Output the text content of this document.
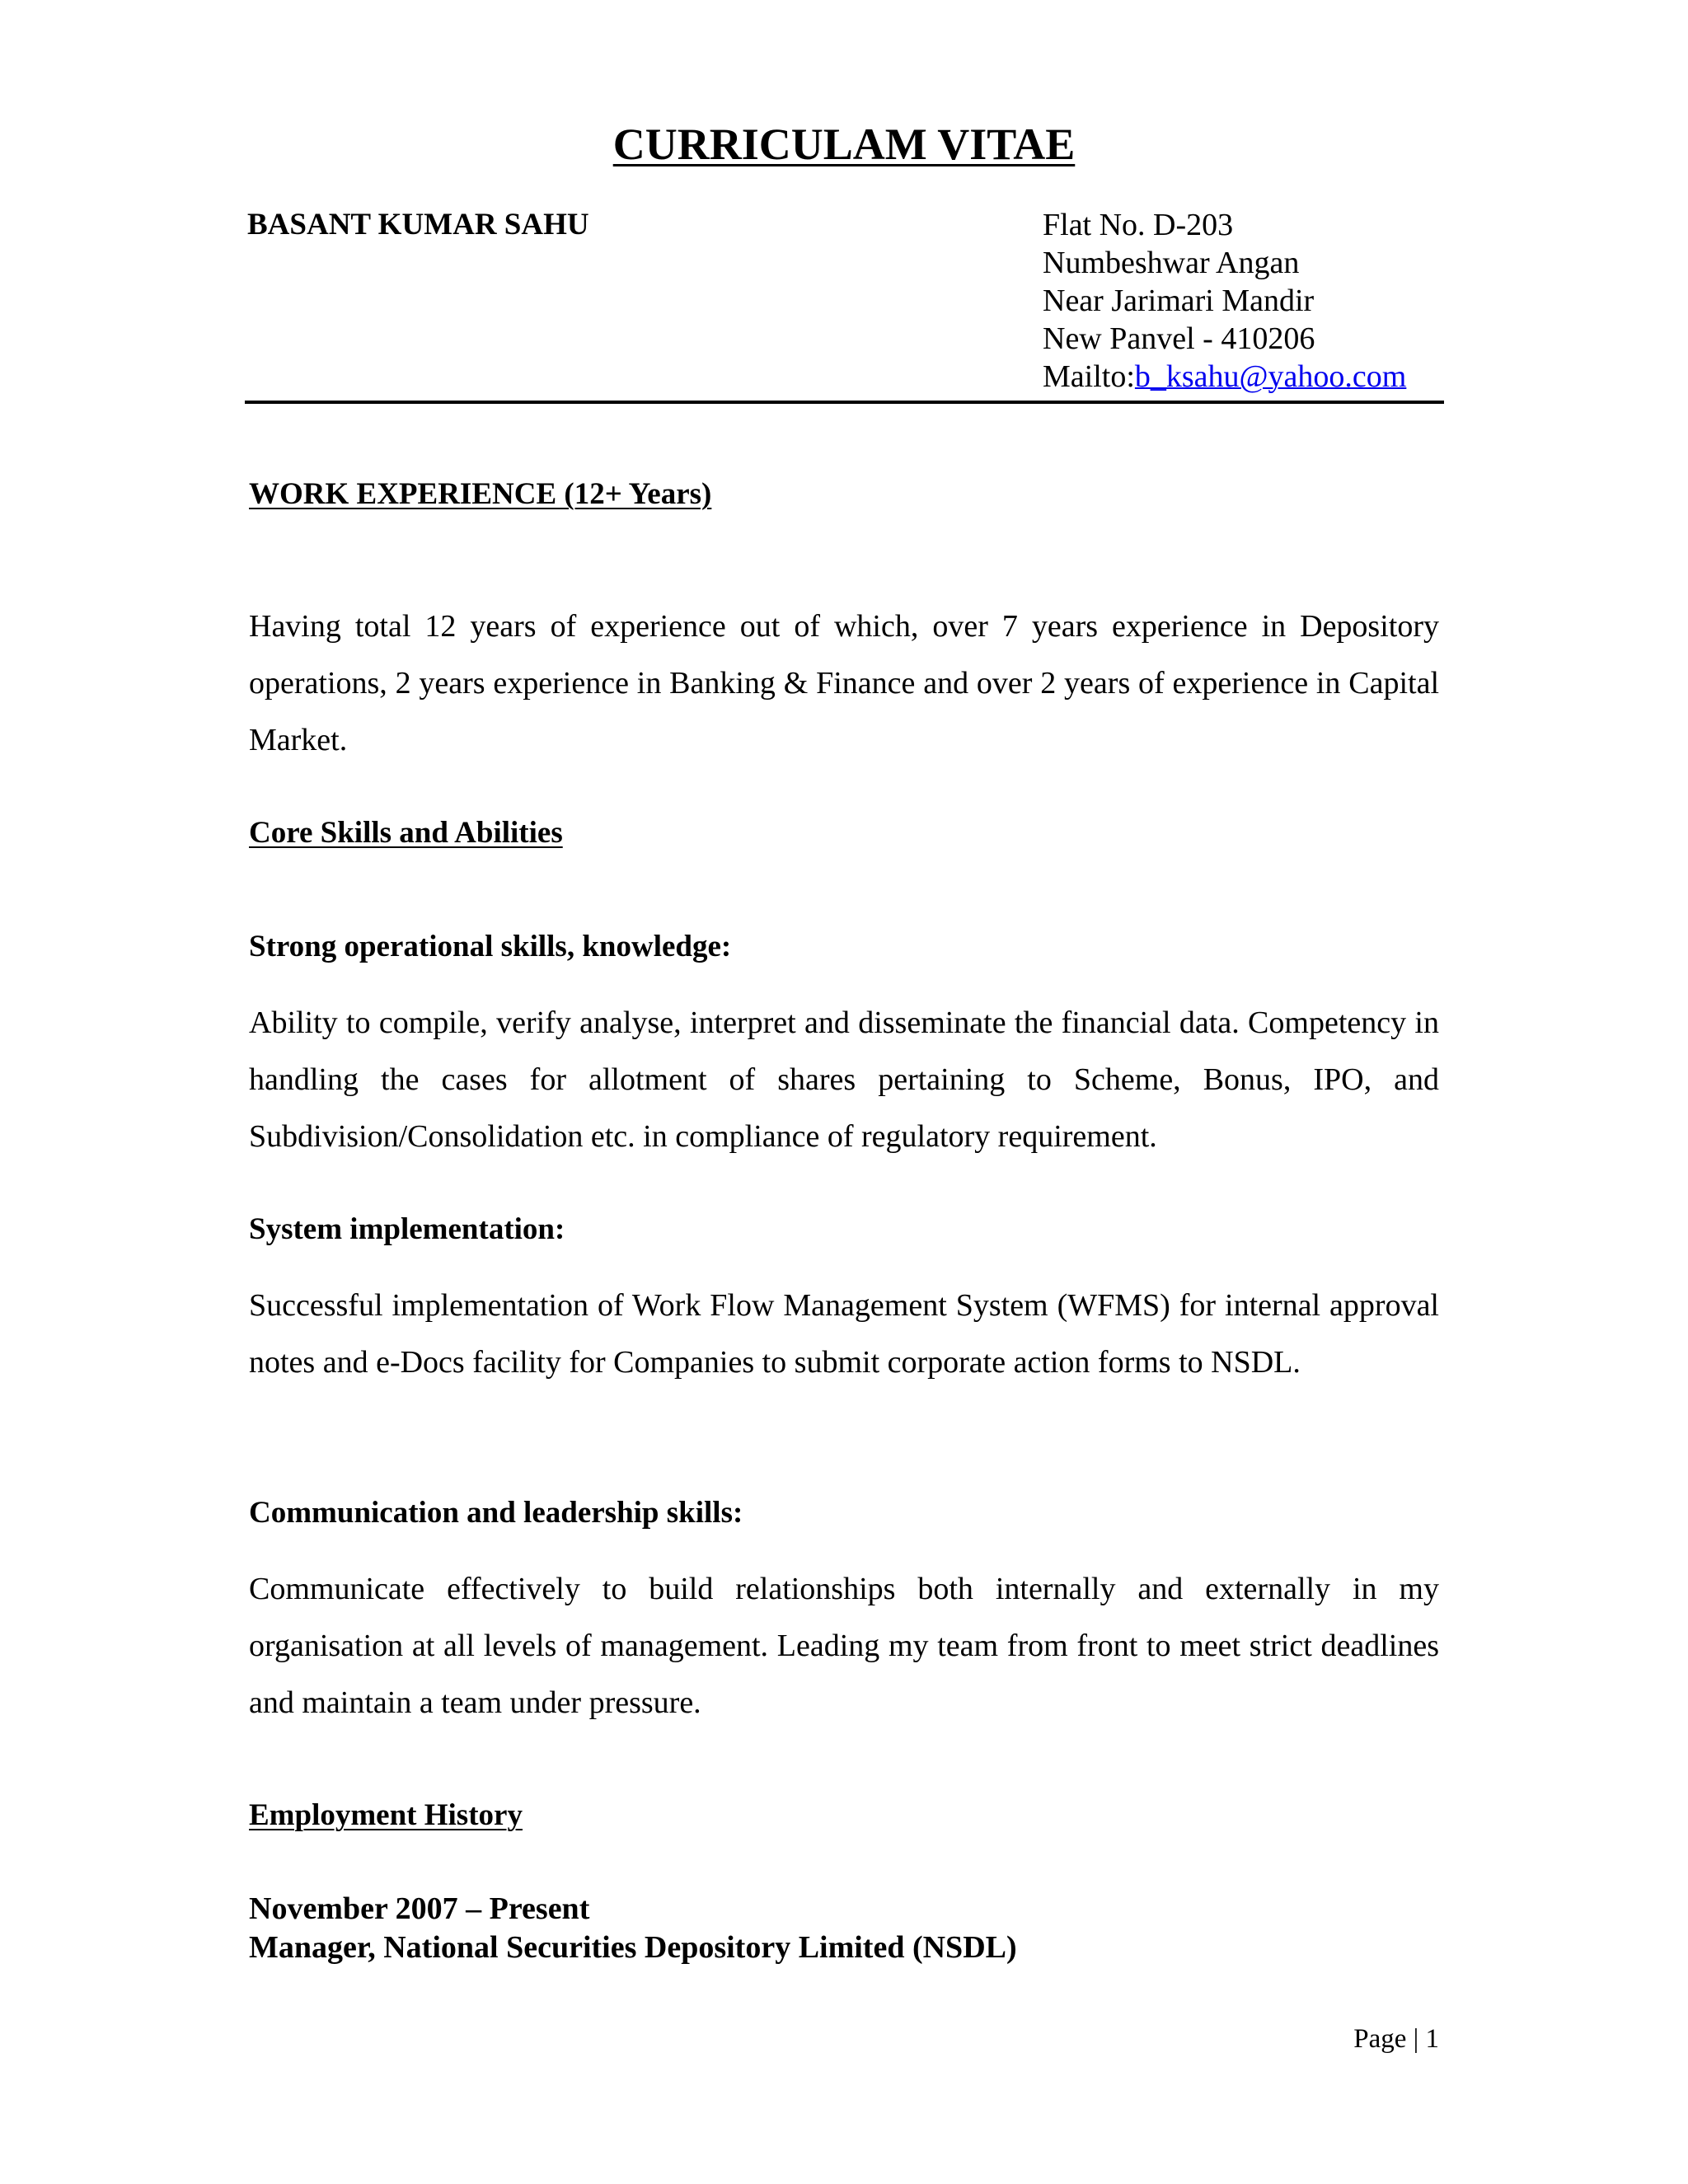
CURRICULAM VITAE
BASANT KUMAR SAHU	Flat No. D-203
Numbeshwar Angan
Near Jarimari Mandir
New Panvel - 410206
Mailto:b_ksahu@yahoo.com
WORK EXPERIENCE (12+ Years)
Having total 12 years of experience out of which, over 7 years experience in Depository operations, 2 years experience in Banking & Finance and over 2 years of experience in Capital Market.
Core Skills and Abilities
Strong operational skills, knowledge:
Ability to compile, verify analyse, interpret and disseminate the financial data. Competency in handling the cases for allotment of shares pertaining to Scheme, Bonus, IPO, and Subdivision/Consolidation etc. in compliance of regulatory requirement.
System implementation:
Successful implementation of Work Flow Management System (WFMS) for internal approval notes and e-Docs facility for Companies to submit corporate action forms to NSDL.
Communication and leadership skills:
Communicate effectively to build relationships both internally and externally in my organisation at all levels of management. Leading my team from front to meet strict deadlines and maintain a team under pressure.
Employment History
November 2007 – Present
Manager, National Securities Depository Limited (NSDL)
Page | 1
